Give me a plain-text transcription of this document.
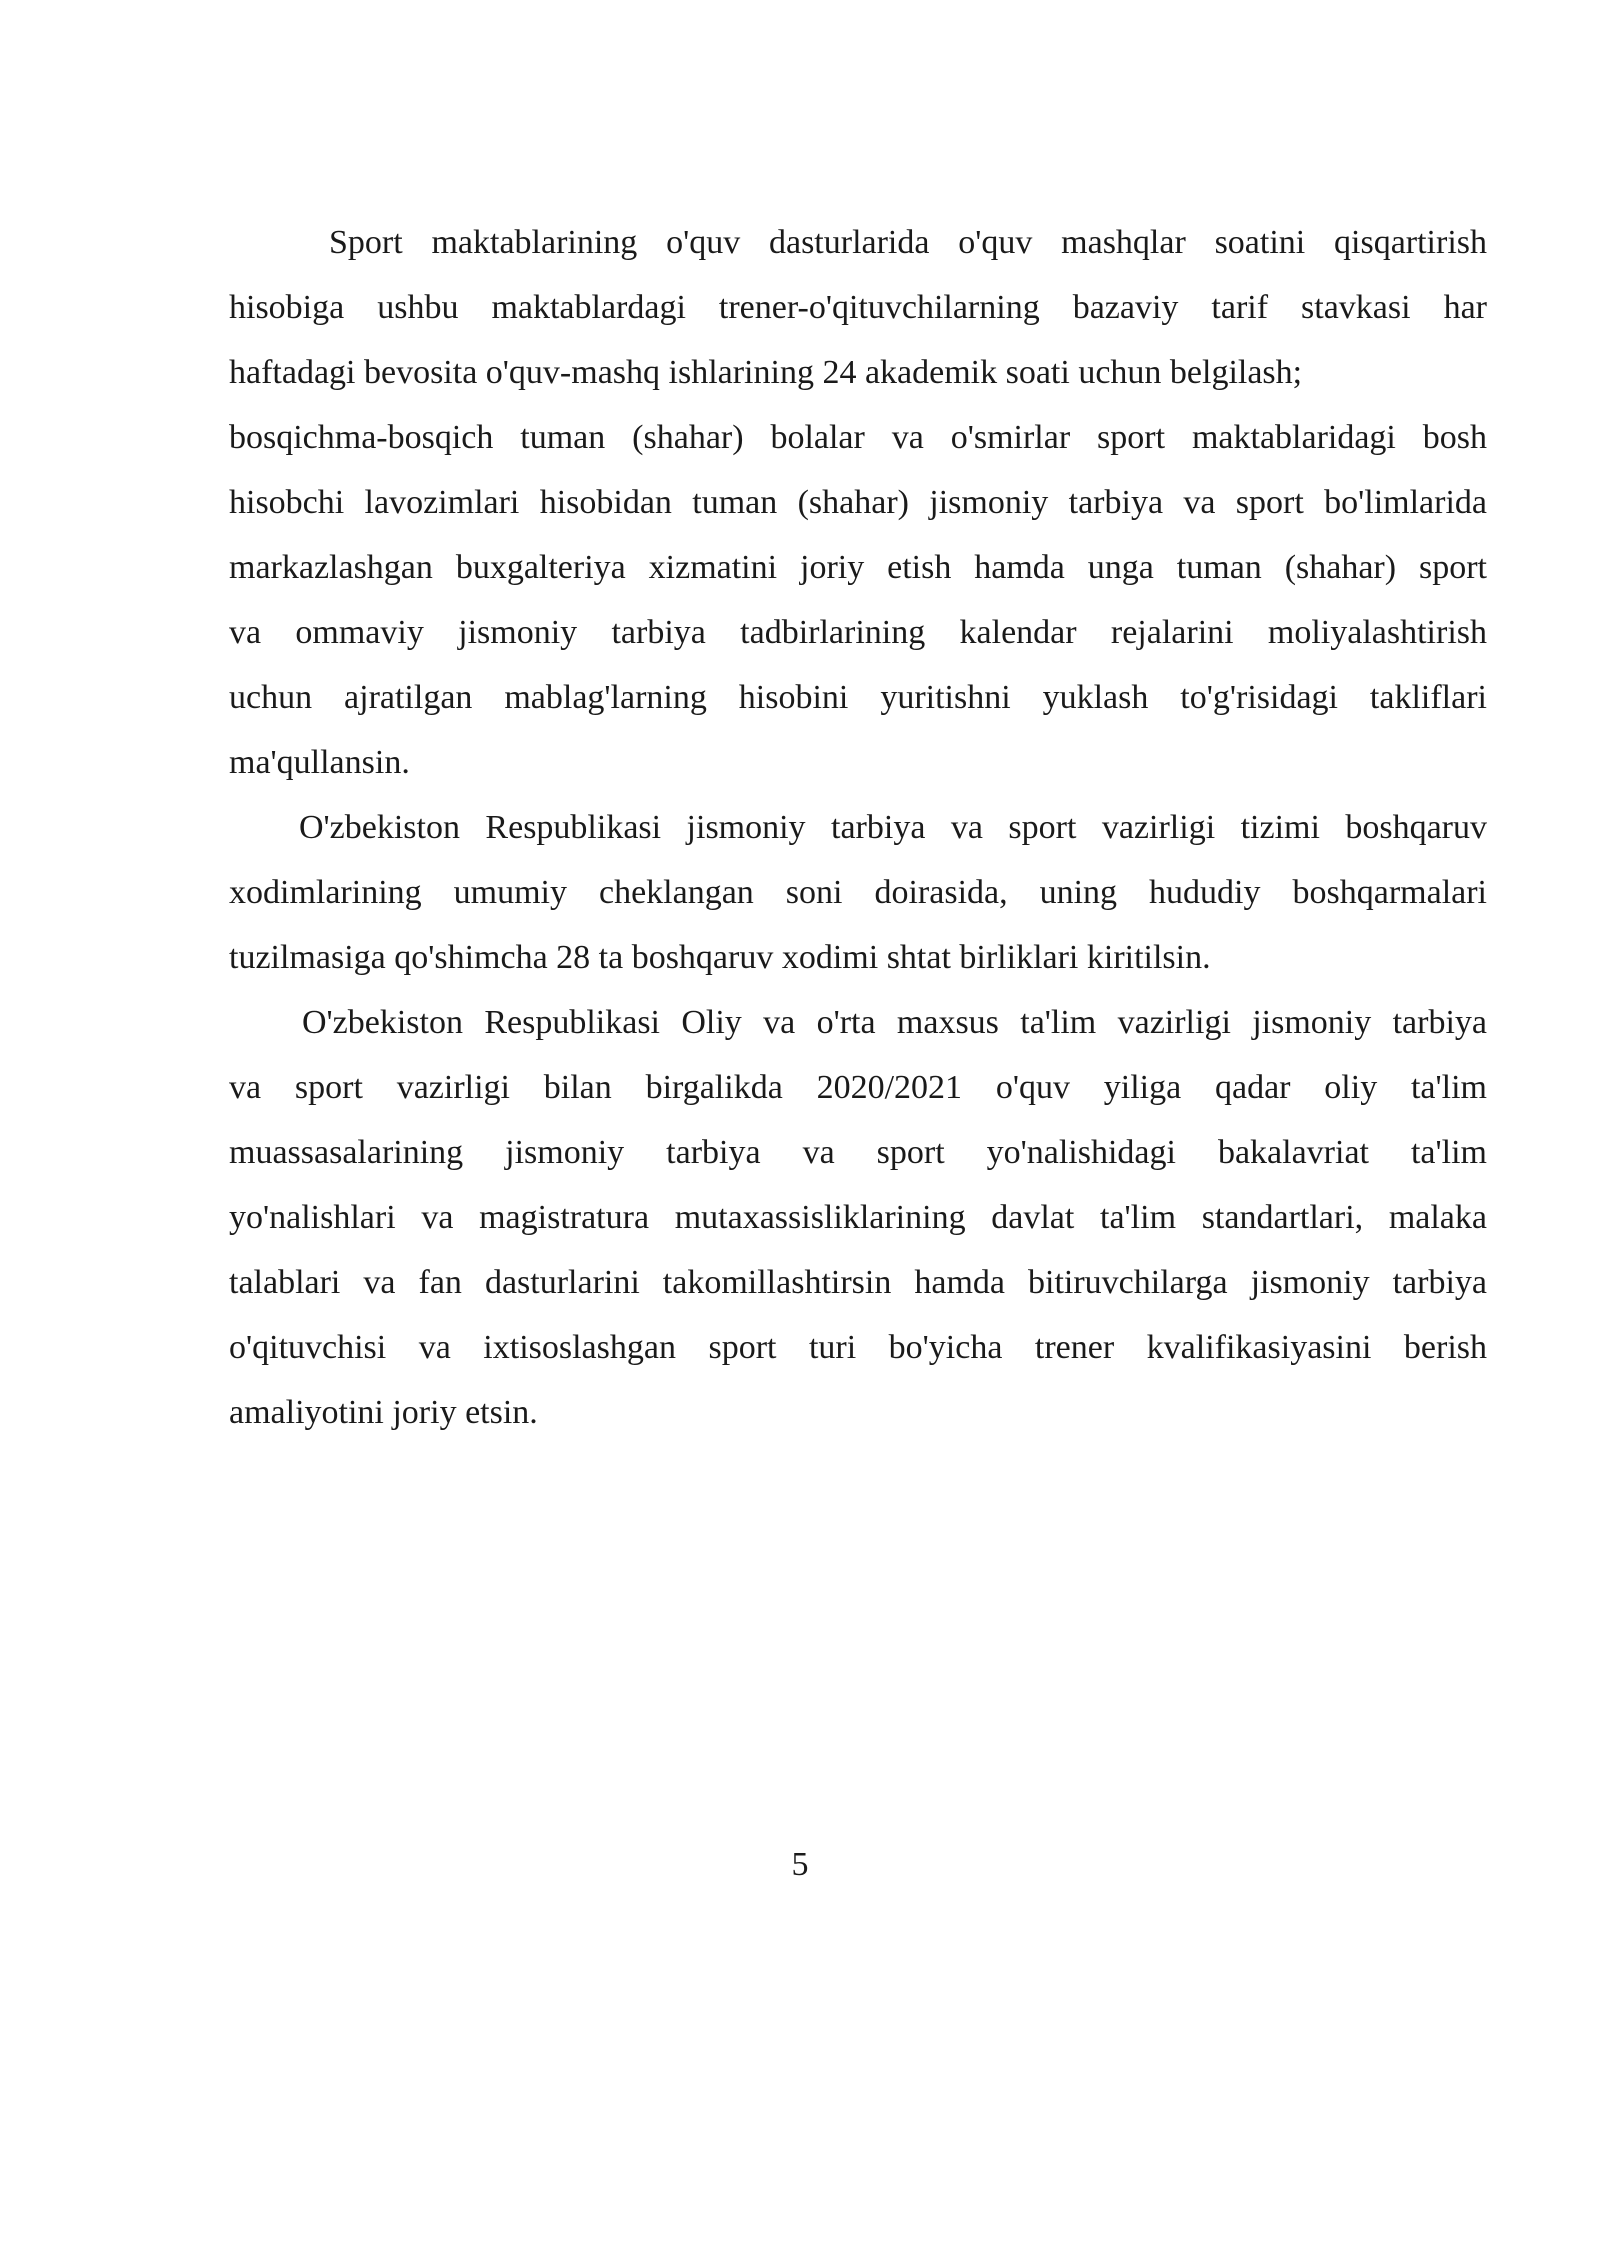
Sport maktablarining o'quv dasturlarida o'quv mashqlar soatini qisqartirish
hisobiga ushbu maktablardagi trener-o'qituvchilarning bazaviy tarif stavkasi har
haftadagi bevosita o'quv-mashq ishlarining 24 akademik soati uchun belgilash;
bosqichma-bosqich tuman (shahar) bolalar va o'smirlar sport maktablaridagi bosh
hisobchi lavozimlari hisobidan tuman (shahar) jismoniy tarbiya va sport bo'limlarida
markazlashgan buxgalteriya xizmatini joriy etish hamda unga tuman (shahar) sport
va ommaviy jismoniy tarbiya tadbirlarining kalendar rejalarini moliyalashtirish
uchun ajratilgan mablag'larning hisobini yuritishni yuklash to'g'risidagi takliflari
ma'qullansin.

O'zbekiston Respublikasi jismoniy tarbiya va sport vazirligi tizimi boshqaruv
xodimlarining umumiy cheklangan soni doirasida, uning hududiy boshqarmalari
tuzilmasiga qo'shimcha 28 ta boshqaruv xodimi shtat birliklari kiritilsin.

O'zbekiston Respublikasi Oliy va o'rta maxsus ta'lim vazirligi jismoniy tarbiya
va sport vazirligi bilan birgalikda 2020/2021 o'quv yiliga qadar oliy ta'lim
muassasalarining jismoniy tarbiya va sport yo'nalishidagi bakalavriat ta'lim
yo'nalishlari va magistratura mutaxassisliklarining davlat ta'lim standartlari, malaka
talablari va fan dasturlarini takomillashtirsin hamda bitiruvchilarga jismoniy tarbiya
o'qituvchisi va ixtisoslashgan sport turi bo'yicha trener kvalifikasiyasini berish
amaliyotini joriy etsin.

5
